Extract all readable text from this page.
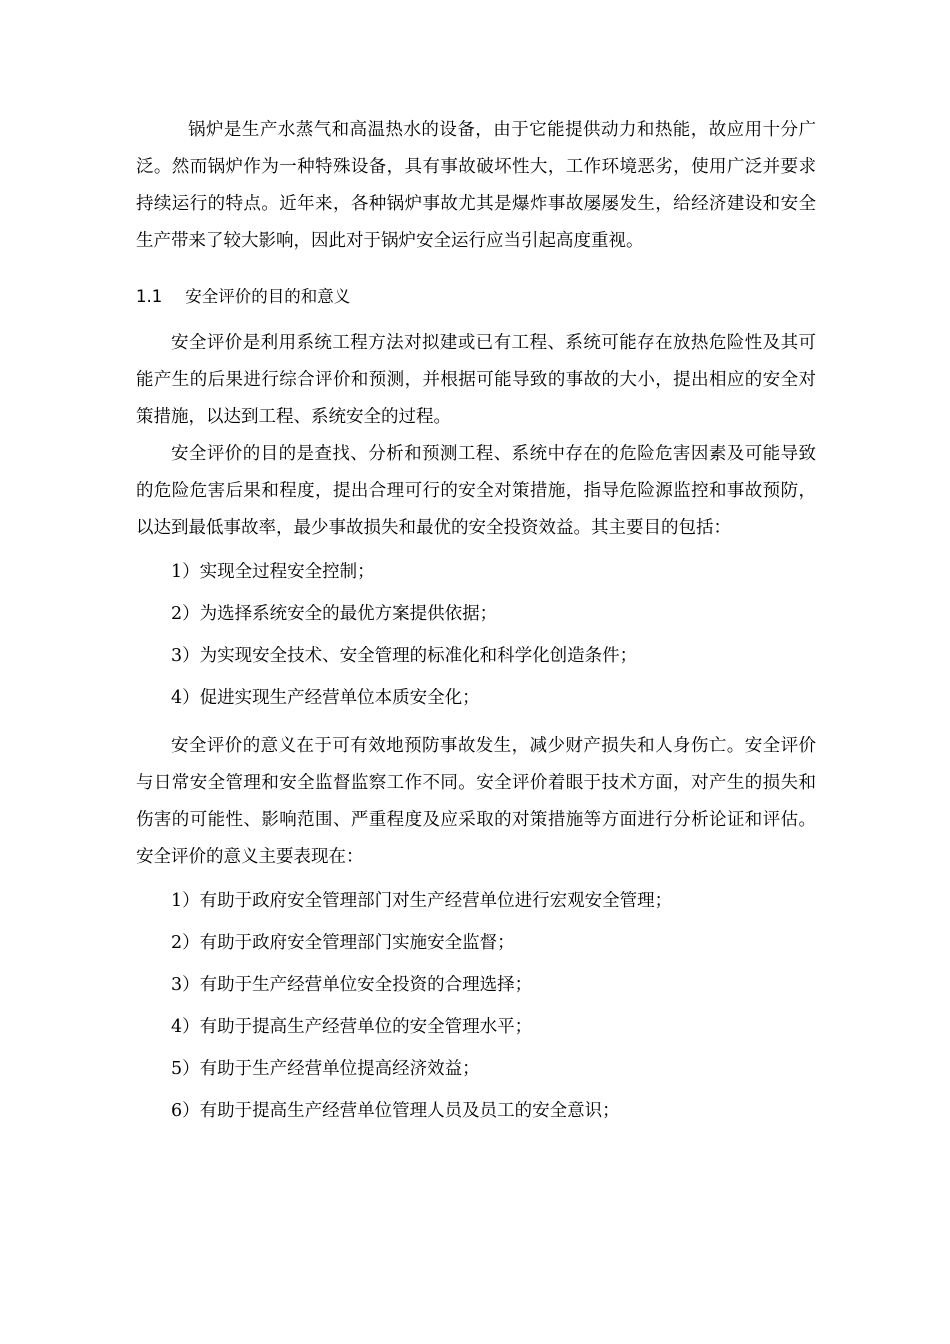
锅炉是生产水蒸气和高温热水的设备，由于它能提供动力和热能，故应用十分广泛。然而锅炉作为一种特殊设备，具有事故破坏性大，工作环境恶劣，使用广泛并要求持续运行的特点。近年来，各种锅炉事故尤其是爆炸事故屡屡发生，给经济建设和安全生产带来了较大影响，因此对于锅炉安全运行应当引起高度重视。

1.1 安全评价的目的和意义

安全评价是利用系统工程方法对拟建或已有工程、系统可能存在放热危险性及其可能产生的后果进行综合评价和预测，并根据可能导致的事故的大小，提出相应的安全对策措施，以达到工程、系统安全的过程。

安全评价的目的是查找、分析和预测工程、系统中存在的危险危害因素及可能导致的危险危害后果和程度，提出合理可行的安全对策措施，指导危险源监控和事故预防，以达到最低事故率，最少事故损失和最优的安全投资效益。其主要目的包括：

1）实现全过程安全控制；
2）为选择系统安全的最优方案提供依据；
3）为实现安全技术、安全管理的标准化和科学化创造条件；
4）促进实现生产经营单位本质安全化；

安全评价的意义在于可有效地预防事故发生，减少财产损失和人身伤亡。安全评价与日常安全管理和安全监督监察工作不同。安全评价着眼于技术方面，对产生的损失和伤害的可能性、影响范围、严重程度及应采取的对策措施等方面进行分析论证和评估。安全评价的意义主要表现在：

1）有助于政府安全管理部门对生产经营单位进行宏观安全管理；
2）有助于政府安全管理部门实施安全监督；
3）有助于生产经营单位安全投资的合理选择；
4）有助于提高生产经营单位的安全管理水平；
5）有助于生产经营单位提高经济效益；
6）有助于提高生产经营单位管理人员及员工的安全意识；
